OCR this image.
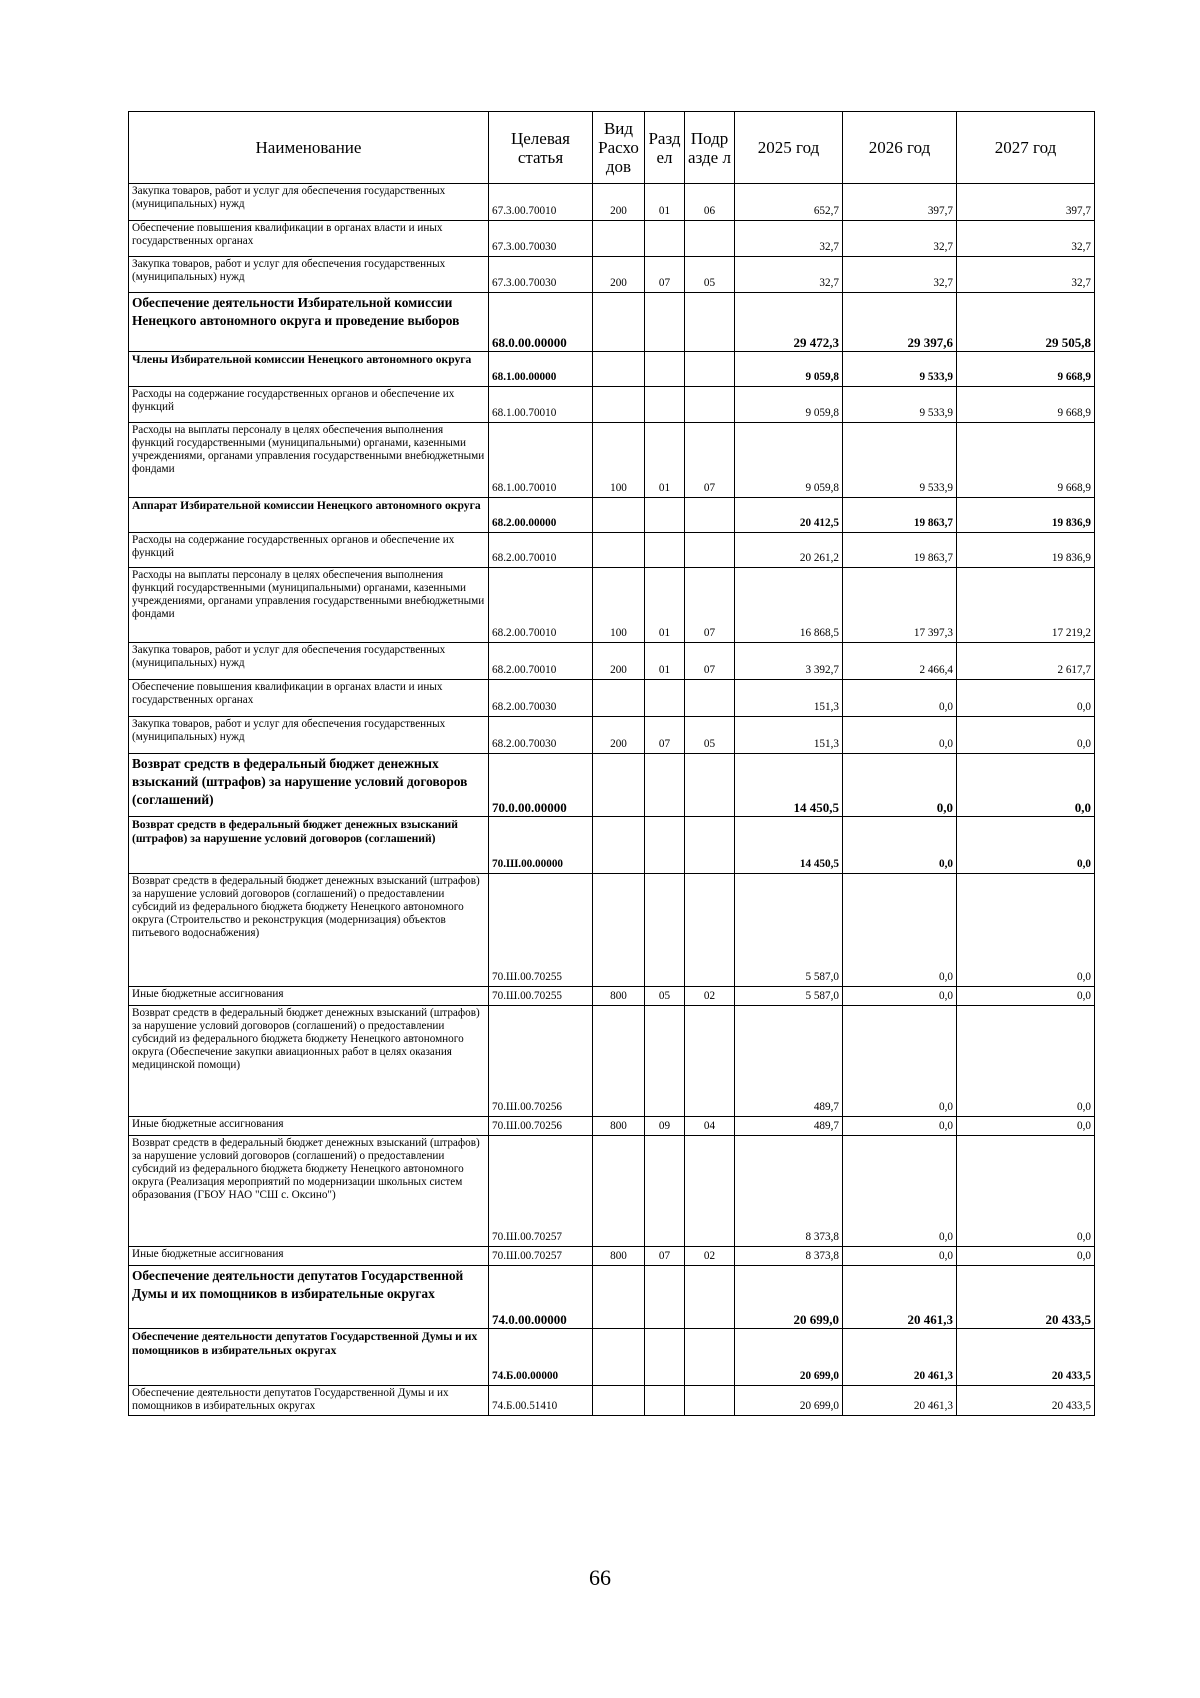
Наименование	Целевая статья	Вид Расхо дов	Разд ел	Подр азде л	2025 год	2026 год	2027 год
Закупка товаров, работ и услуг для обеспечения государственных (муниципальных) нужд	67.3.00.70010	200	01	06	652,7	397,7	397,7
Обеспечение повышения квалификации в органах власти и иных государственных органах	67.3.00.70030				32,7	32,7	32,7
Закупка товаров, работ и услуг для обеспечения государственных (муниципальных) нужд	67.3.00.70030	200	07	05	32,7	32,7	32,7
Обеспечение деятельности Избирательной комиссии Ненецкого автономного округа и проведение выборов	68.0.00.00000				29 472,3	29 397,6	29 505,8
Члены Избирательной комиссии Ненецкого автономного округа	68.1.00.00000				9 059,8	9 533,9	9 668,9
Расходы на содержание государственных органов и обеспечение их функций	68.1.00.70010				9 059,8	9 533,9	9 668,9
Расходы на выплаты персоналу в целях обеспечения выполнения функций государственными (муниципальными) органами, казенными учреждениями, органами управления государственными внебюджетными фондами	68.1.00.70010	100	01	07	9 059,8	9 533,9	9 668,9
Аппарат Избирательной комиссии Ненецкого автономного округа	68.2.00.00000				20 412,5	19 863,7	19 836,9
Расходы на содержание государственных органов и обеспечение их функций	68.2.00.70010				20 261,2	19 863,7	19 836,9
Расходы на выплаты персоналу в целях обеспечения выполнения функций государственными (муниципальными) органами, казенными учреждениями, органами управления государственными внебюджетными фондами	68.2.00.70010	100	01	07	16 868,5	17 397,3	17 219,2
Закупка товаров, работ и услуг для обеспечения государственных (муниципальных) нужд	68.2.00.70010	200	01	07	3 392,7	2 466,4	2 617,7
Обеспечение повышения квалификации в органах власти и иных государственных органах	68.2.00.70030				151,3	0,0	0,0
Закупка товаров, работ и услуг для обеспечения государственных (муниципальных) нужд	68.2.00.70030	200	07	05	151,3	0,0	0,0
Возврат средств в федеральный бюджет денежных взысканий (штрафов) за нарушение условий договоров (соглашений)	70.0.00.00000				14 450,5	0,0	0,0
Возврат средств в федеральный бюджет денежных взысканий (штрафов) за нарушение условий договоров (соглашений)	70.Ш.00.00000				14 450,5	0,0	0,0
Возврат средств в федеральный бюджет денежных взысканий (штрафов) за нарушение условий договоров (соглашений) о предоставлении субсидий из федерального бюджета бюджету Ненецкого автономного округа (Строительство и реконструкция (модернизация) объектов питьевого водоснабжения)	70.Ш.00.70255				5 587,0	0,0	0,0
Иные бюджетные ассигнования	70.Ш.00.70255	800	05	02	5 587,0	0,0	0,0
Возврат средств в федеральный бюджет денежных взысканий (штрафов) за нарушение условий договоров (соглашений) о предоставлении субсидий из федерального бюджета бюджету Ненецкого автономного округа (Обеспечение закупки авиационных работ в целях оказания медицинской помощи)	70.Ш.00.70256				489,7	0,0	0,0
Иные бюджетные ассигнования	70.Ш.00.70256	800	09	04	489,7	0,0	0,0
Возврат средств в федеральный бюджет денежных взысканий (штрафов) за нарушение условий договоров (соглашений) о предоставлении субсидий из федерального бюджета бюджету Ненецкого автономного округа (Реализация мероприятий по модернизации школьных систем образования (ГБОУ НАО "СШ с. Оксино")	70.Ш.00.70257				8 373,8	0,0	0,0
Иные бюджетные ассигнования	70.Ш.00.70257	800	07	02	8 373,8	0,0	0,0
Обеспечение деятельности депутатов Государственной Думы и их помощников в избирательные округах	74.0.00.00000				20 699,0	20 461,3	20 433,5
Обеспечение деятельности депутатов Государственной Думы и их помощников в избирательных округах	74.Б.00.00000				20 699,0	20 461,3	20 433,5
Обеспечение деятельности депутатов Государственной Думы и их помощников в избирательных округах	74.Б.00.51410				20 699,0	20 461,3	20 433,5
66
